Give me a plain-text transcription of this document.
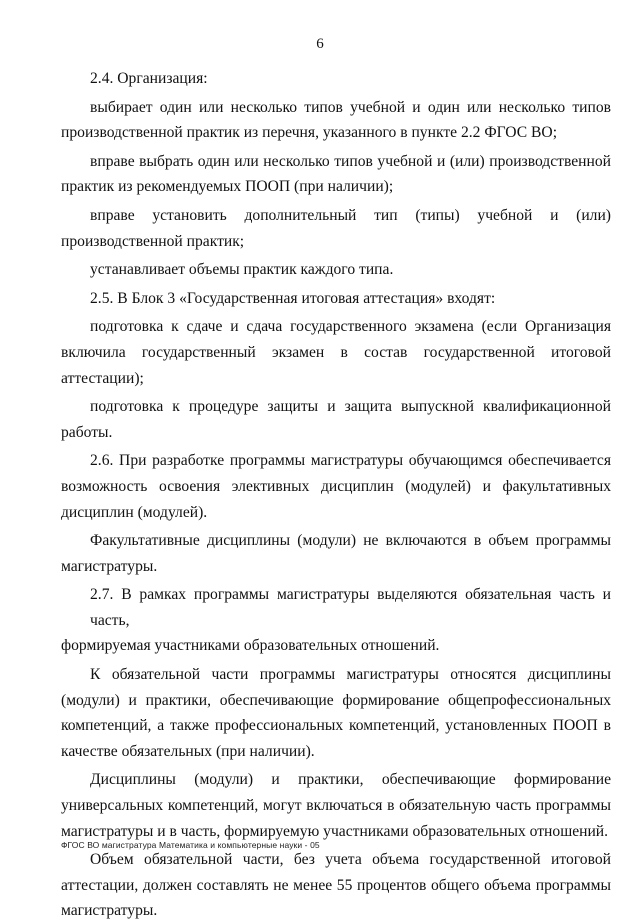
6
2.4. Организация:
выбирает один или несколько типов учебной и один или несколько типов
производственной практик из перечня, указанного в пункте 2.2 ФГОС ВО;
вправе выбрать один или несколько типов учебной и (или) производственной
практик из рекомендуемых ПООП (при наличии);
вправе установить дополнительный тип (типы) учебной и (или)
производственной практик;
устанавливает объемы практик каждого типа.
2.5. В Блок 3 «Государственная итоговая аттестация» входят:
подготовка к сдаче и сдача государственного экзамена (если Организация
включила государственный экзамен в состав государственной итоговой аттестации);
подготовка к процедуре защиты и защита выпускной квалификационной
работы.
2.6. При разработке программы магистратуры обучающимся обеспечивается
возможность освоения элективных дисциплин (модулей) и факультативных
дисциплин (модулей).
Факультативные дисциплины (модули) не включаются в объем программы
магистратуры.
2.7. В рамках программы магистратуры выделяются обязательная часть и часть,
формируемая участниками образовательных отношений.
К обязательной части программы магистратуры относятся дисциплины
(модули) и практики, обеспечивающие формирование общепрофессиональных
компетенций, а также профессиональных компетенций, установленных ПООП в
качестве обязательных (при наличии).
Дисциплины (модули) и практики, обеспечивающие формирование
универсальных компетенций, могут включаться в обязательную часть программы
магистратуры и в часть, формируемую участниками образовательных отношений.
Объем обязательной части, без учета объема государственной итоговой
аттестации, должен составлять не менее 55 процентов общего объема программы
магистратуры.
ФГОС ВО магистратура Математика и компьютерные науки - 05
